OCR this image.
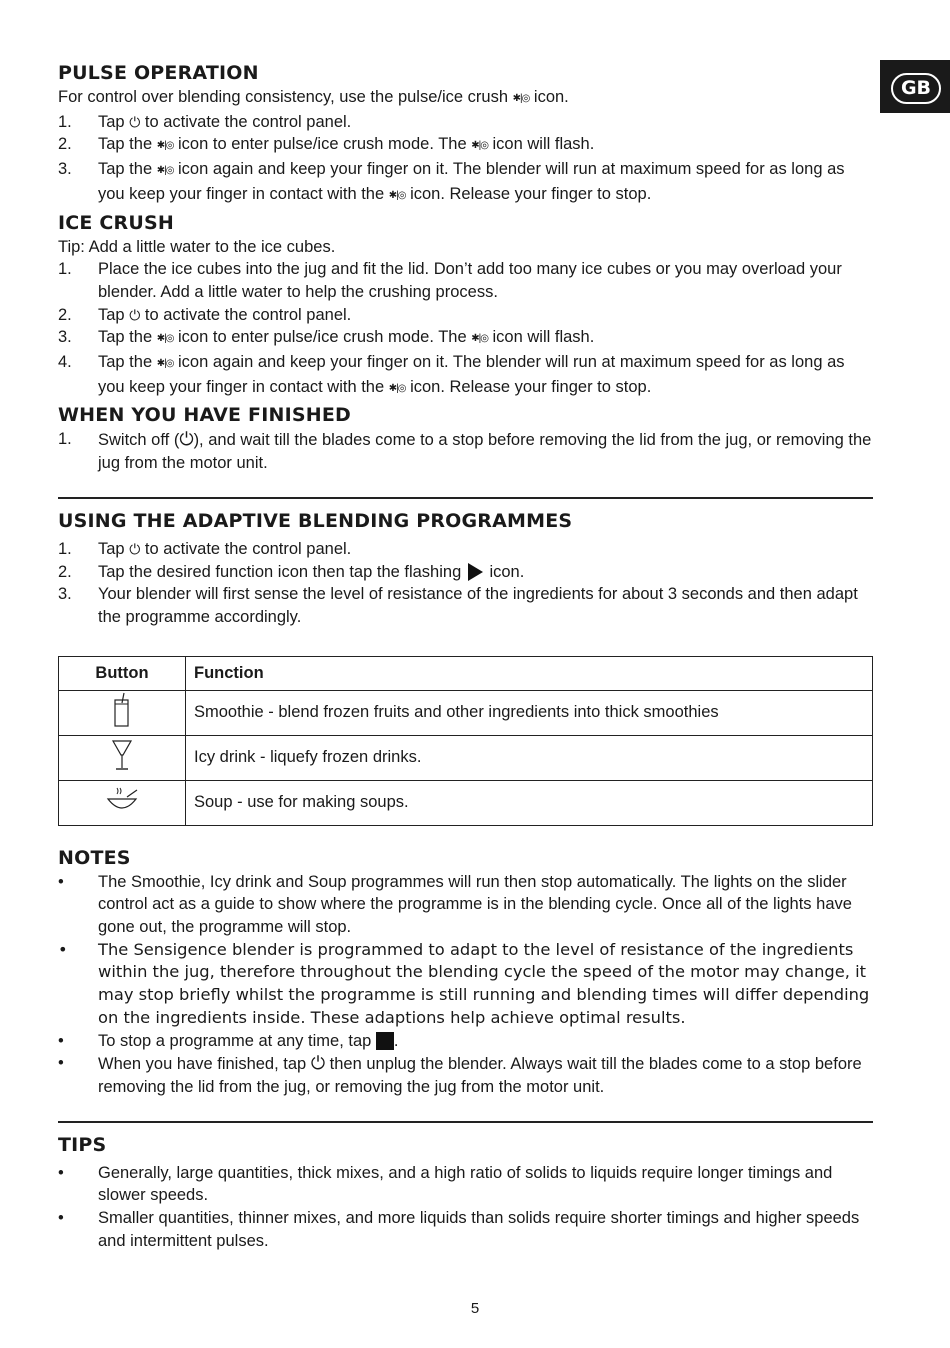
GB
PULSE OPERATION

For control over blending consistency, use the pulse/ice crush ✱|◎ icon.

1.	Tap ⏻ to activate the control panel.
2.	Tap the ✱|◎ icon to enter pulse/ice crush mode. The ✱|◎ icon will flash.
3.	Tap the ✱|◎ icon again and keep your finger on it. The blender will run at maximum speed for as long as you keep your finger in contact with the ✱|◎ icon. Release your finger to stop.
ICE CRUSH

Tip: Add a little water to the ice cubes.

1.	Place the ice cubes into the jug and fit the lid. Don’t add too many ice cubes or you may overload your blender. Add a little water to help the crushing process.
2.	Tap ⏻ to activate the control panel.
3.	Tap the ✱|◎ icon to enter pulse/ice crush mode. The ✱|◎ icon will flash.
4.	Tap the ✱|◎ icon again and keep your finger on it. The blender will run at maximum speed for as long as you keep your finger in contact with the ✱|◎ icon. Release your finger to stop.
WHEN YOU HAVE FINISHED
1.	Switch off (⏻), and wait till the blades come to a stop before removing the lid from the jug, or removing the jug from the motor unit.
USING THE ADAPTIVE BLENDING PROGRAMMES
1.	Tap ⏻ to activate the control panel.
2.	Tap the desired function icon then tap the flashing icon.
3.	Your blender will first sense the level of resistance of the ingredients for about 3 seconds and then adapt the programme accordingly.
Button	Function
	Smoothie - blend frozen fruits and other ingredients into thick smoothies
	Icy drink - liquefy frozen drinks.
	Soup - use for making soups.
NOTES
•	The Smoothie, Icy drink and Soup programmes will run then stop automatically. The lights on the slider control act as a guide to show where the programme is in the blending cycle. Once all of the lights have gone out, the programme will stop.
•	The Sensigence blender is programmed to adapt to the level of resistance of the ingredients within the jug, therefore throughout the blending cycle the speed of the motor may change, it may stop briefly whilst the programme is still running and blending times will differ depending on the ingredients inside. These adaptions help achieve optimal results.
•	To stop a programme at any time, tap .
•	When you have finished, tap ⏻ then unplug the blender. Always wait till the blades come to a stop before removing the lid from the jug, or removing the jug from the motor unit.
TIPS
•	Generally, large quantities, thick mixes, and a high ratio of solids to liquids require longer timings and slower speeds.
•	Smaller quantities, thinner mixes, and more liquids than solids require shorter timings and higher speeds and intermittent pulses.
5
